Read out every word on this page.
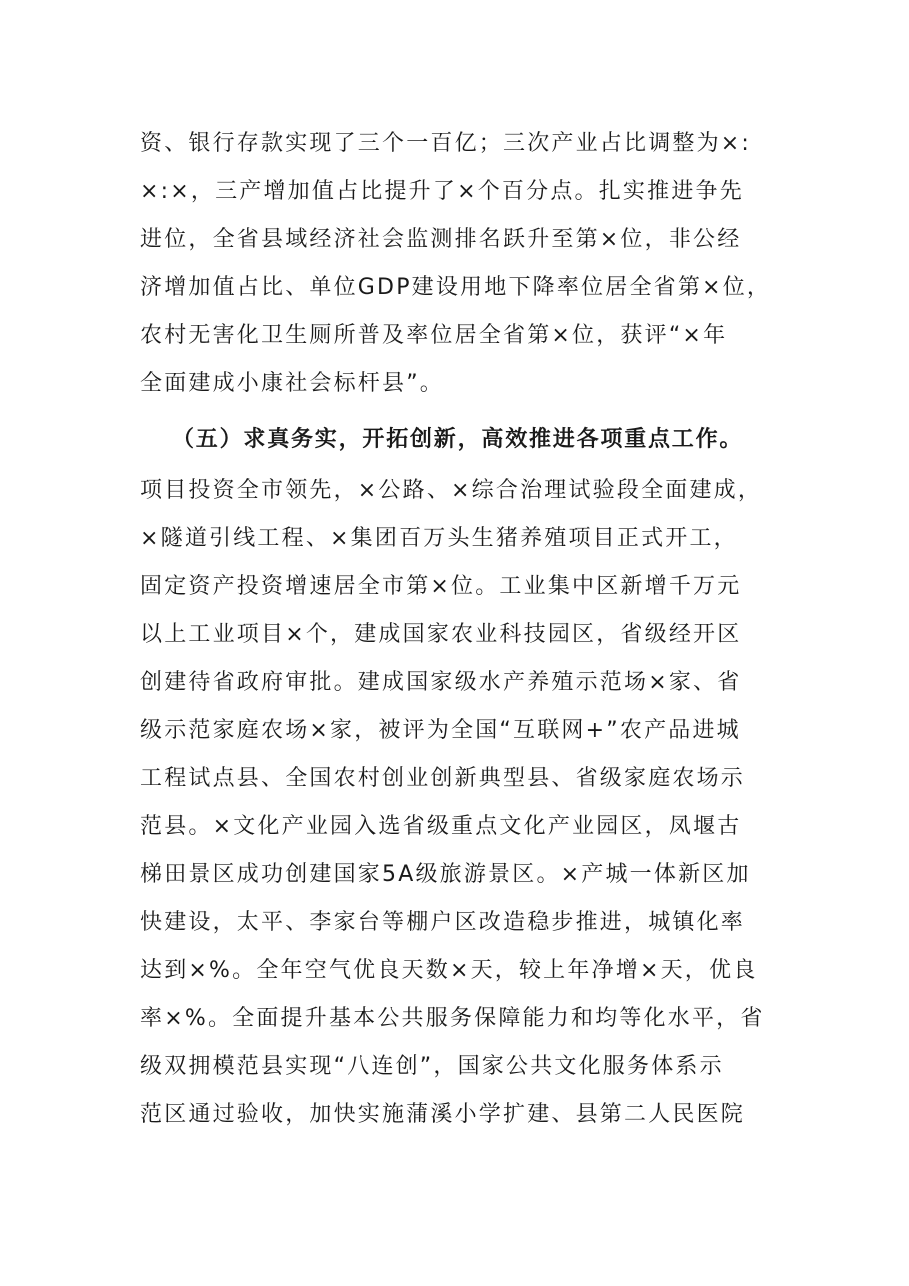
资、银行存款实现了三个一百亿；三次产业占比调整为×:
×:×，三产增加值占比提升了×个百分点。扎实推进争先
进位，全省县域经济社会监测排名跃升至第×位，非公经
济增加值占比、单位GDP建设用地下降率位居全省第×位，
农村无害化卫生厕所普及率位居全省第×位，获评“×年
全面建成小康社会标杆县”。
（五）求真务实，开拓创新，高效推进各项重点工作。
项目投资全市领先，×公路、×综合治理试验段全面建成，
×隧道引线工程、×集团百万头生猪养殖项目正式开工，
固定资产投资增速居全市第×位。工业集中区新增千万元
以上工业项目×个，建成国家农业科技园区，省级经开区
创建待省政府审批。建成国家级水产养殖示范场×家、省
级示范家庭农场×家，被评为全国“互联网+”农产品进城
工程试点县、全国农村创业创新典型县、省级家庭农场示
范县。×文化产业园入选省级重点文化产业园区，凤堰古
梯田景区成功创建国家5A级旅游景区。×产城一体新区加
快建设，太平、李家台等棚户区改造稳步推进，城镇化率
达到×%。全年空气优良天数×天，较上年净增×天，优良
率×%。全面提升基本公共服务保障能力和均等化水平，省
级双拥模范县实现“八连创”，国家公共文化服务体系示
范区通过验收，加快实施蒲溪小学扩建、县第二人民医院
